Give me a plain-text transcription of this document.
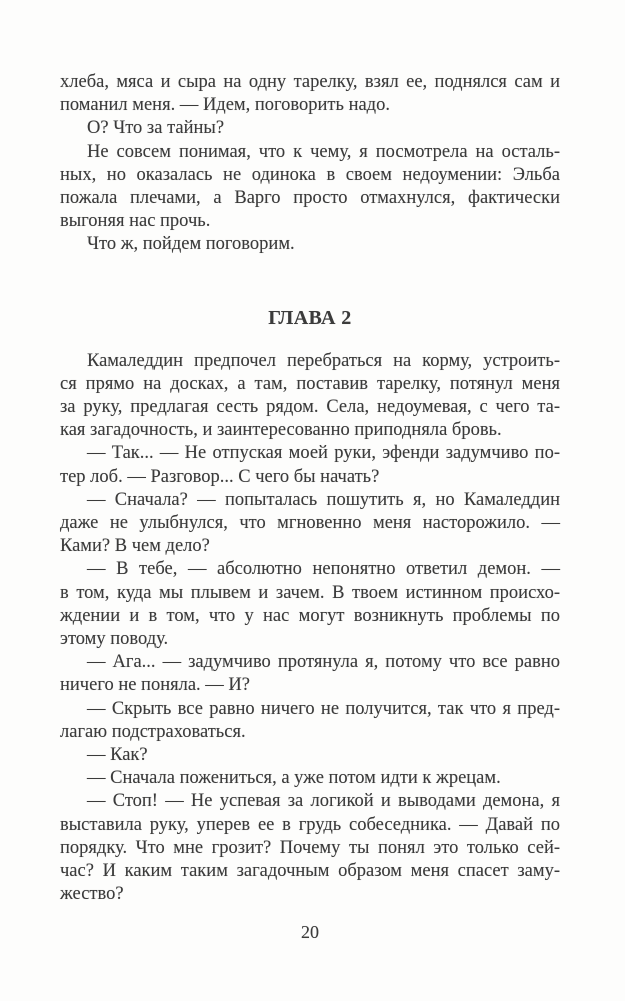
хлеба, мяса и сыра на одну тарелку, взял ее, поднялся сам и
поманил меня. — Идем, поговорить надо.
О? Что за тайны?
Не совсем понимая, что к чему, я посмотрела на осталь-
ных, но оказалась не одинока в своем недоумении: Эльба
пожала плечами, а Варго просто отмахнулся, фактически
выгоняя нас прочь.
Что ж, пойдем поговорим.
ГЛАВА 2
Камаледдин предпочел перебраться на корму, устроить-
ся прямо на досках, а там, поставив тарелку, потянул меня
за руку, предлагая сесть рядом. Села, недоумевая, с чего та-
кая загадочность, и заинтересованно приподняла бровь.
— Так... — Не отпуская моей руки, эфенди задумчиво по-
тер лоб. — Разговор... С чего бы начать?
— Сначала? — попыталась пошутить я, но Камаледдин
даже не улыбнулся, что мгновенно меня насторожило. —
Ками? В чем дело?
— В тебе, — абсолютно непонятно ответил демон. —
в том, куда мы плывем и зачем. В твоем истинном происхо-
ждении и в том, что у нас могут возникнуть проблемы по
этому поводу.
— Ага... — задумчиво протянула я, потому что все равно
ничего не поняла. — И?
— Скрыть все равно ничего не получится, так что я пред-
лагаю подстраховаться.
— Как?
— Сначала пожениться, а уже потом идти к жрецам.
— Стоп! — Не успевая за логикой и выводами демона, я
выставила руку, уперев ее в грудь собеседника. — Давай по
порядку. Что мне грозит? Почему ты понял это только сей-
час? И каким таким загадочным образом меня спасет заму-
жество?
20
